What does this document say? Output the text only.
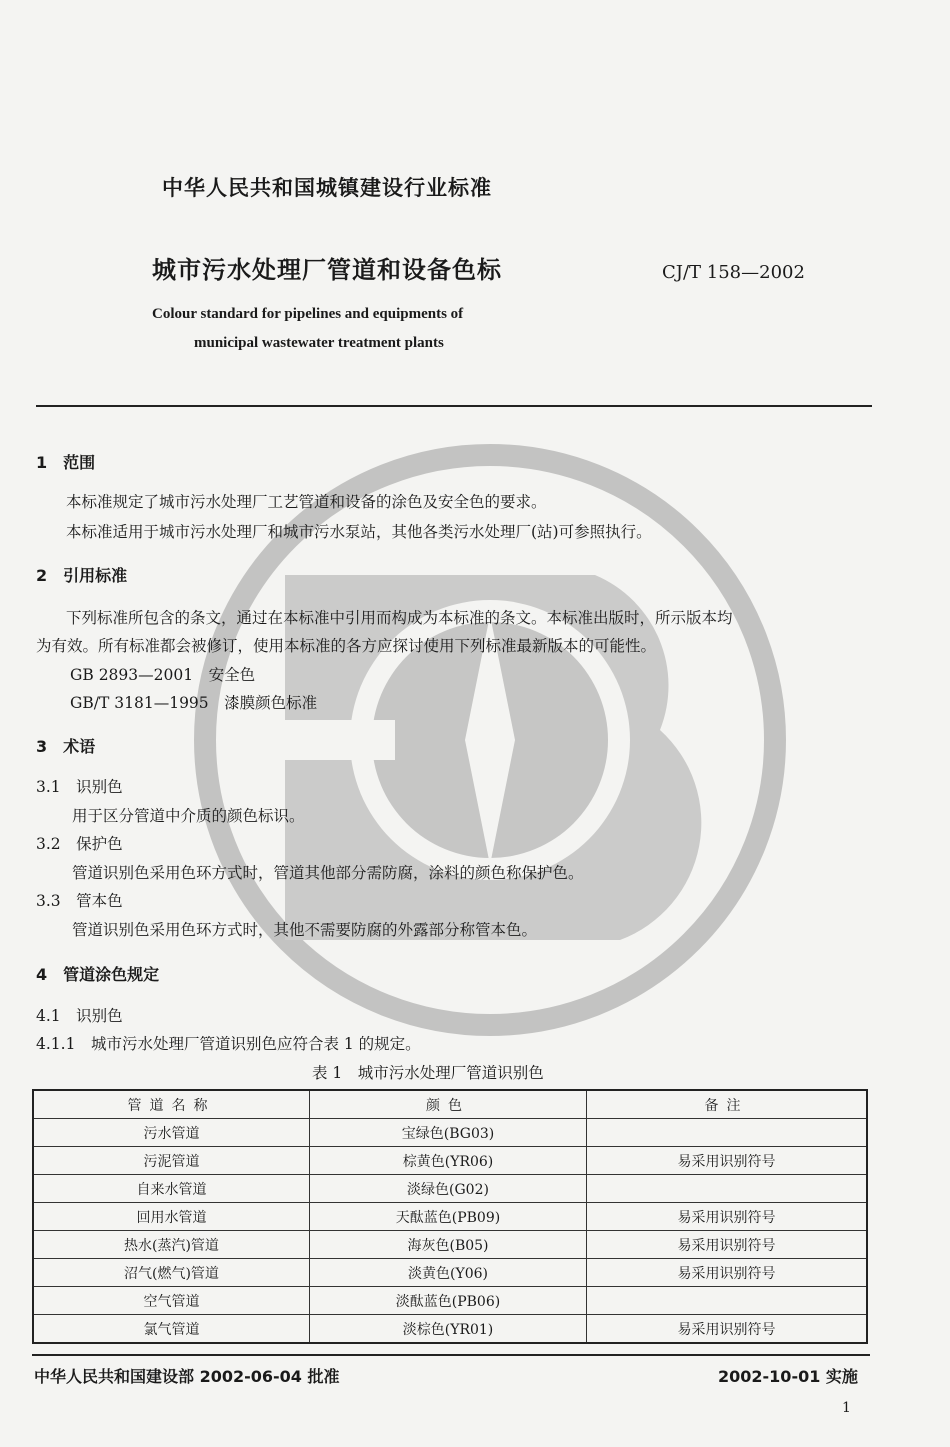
中华人民共和国城镇建设行业标准
城市污水处理厂管道和设备色标	CJ/T 158—2002
Colour standard for pipelines and equipments of
municipal wastewater treatment plants
1　范围
本标准规定了城市污水处理厂工艺管道和设备的涂色及安全色的要求。
本标准适用于城市污水处理厂和城市污水泵站，其他各类污水处理厂(站)可参照执行。
2　引用标准
下列标准所包含的条文，通过在本标准中引用而构成为本标准的条文。本标准出版时，所示版本均
为有效。所有标准都会被修订，使用本标准的各方应探讨使用下列标准最新版本的可能性。
GB 2893—2001　安全色
GB/T 3181—1995　漆膜颜色标准
3　术语
3.1　识别色
用于区分管道中介质的颜色标识。
3.2　保护色
管道识别色采用色环方式时，管道其他部分需防腐，涂料的颜色称保护色。
3.3　管本色
管道识别色采用色环方式时，其他不需要防腐的外露部分称管本色。
4　管道涂色规定
4.1　识别色
4.1.1　城市污水处理厂管道识别色应符合表 1 的规定。
表 1　城市污水处理厂管道识别色
管道名称	颜色	备注
污水管道	宝绿色(BG03)	
污泥管道	棕黄色(YR06)	易采用识别符号
自来水管道	淡绿色(G02)	
回用水管道	天酞蓝色(PB09)	易采用识别符号
热水(蒸汽)管道	海灰色(B05)	易采用识别符号
沼气(燃气)管道	淡黄色(Y06)	易采用识别符号
空气管道	淡酞蓝色(PB06)	
氯气管道	淡棕色(YR01)	易采用识别符号
中华人民共和国建设部 2002-06-04 批准	2002-10-01 实施
1
